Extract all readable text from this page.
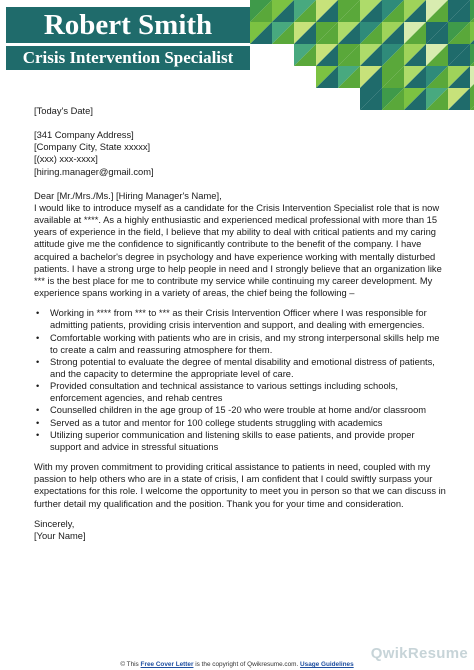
Robert Smith
Crisis Intervention Specialist

[Today's Date]

[341 Company Address]

[Company City, State xxxxx]

[(xxx) xxx-xxxx]

[hiring.manager@gmail.com]

Dear [Mr./Mrs./Ms.] [Hiring Manager's Name],

I would like to introduce myself as a candidate for the Crisis Intervention Specialist role that is now available at ****. As a highly enthusiastic and experienced medical professional with more than 15 years of experience in the field, I believe that my ability to deal with critical patients and my caring attitude give me the confidence to significantly contribute to the benefit of the company. I have acquired a bachelor's degree in psychology and have experience working with mentally disturbed patients. I have a strong urge to help people in need and I strongly believe that an organization like *** is the best place for me to contribute my service while continuing my career development. My experience spans working in a variety of areas, the chief being the following –

• Working in **** from *** to *** as their Crisis Intervention Officer where I was responsible for admitting patients, providing crisis intervention and support, and dealing with emergencies.
• Comfortable working with patients who are in crisis, and my strong interpersonal skills help me to create a calm and reassuring atmosphere for them.
• Strong potential to evaluate the degree of mental disability and emotional distress of patients, and the capacity to determine the appropriate level of care.
• Provided consultation and technical assistance to various settings including schools, enforcement agencies, and rehab centres
• Counselled children in the age group of 15 -20 who were trouble at home and/or classroom
• Served as a tutor and mentor for 100 college students struggling with academics
• Utilizing superior communication and listening skills to ease patients, and provide proper support and advice in stressful situations

With my proven commitment to providing critical assistance to patients in need, coupled with my passion to help others who are in a state of crisis, I am confident that I could swiftly surpass your expectations for this role. I welcome the opportunity to meet you in person so that we can discuss in further detail my qualification and the position. Thank you for your time and consideration.

Sincerely,

[Your Name]

QwikResume
© This Free Cover Letter is the copyright of Qwikresume.com. Usage Guidelines
